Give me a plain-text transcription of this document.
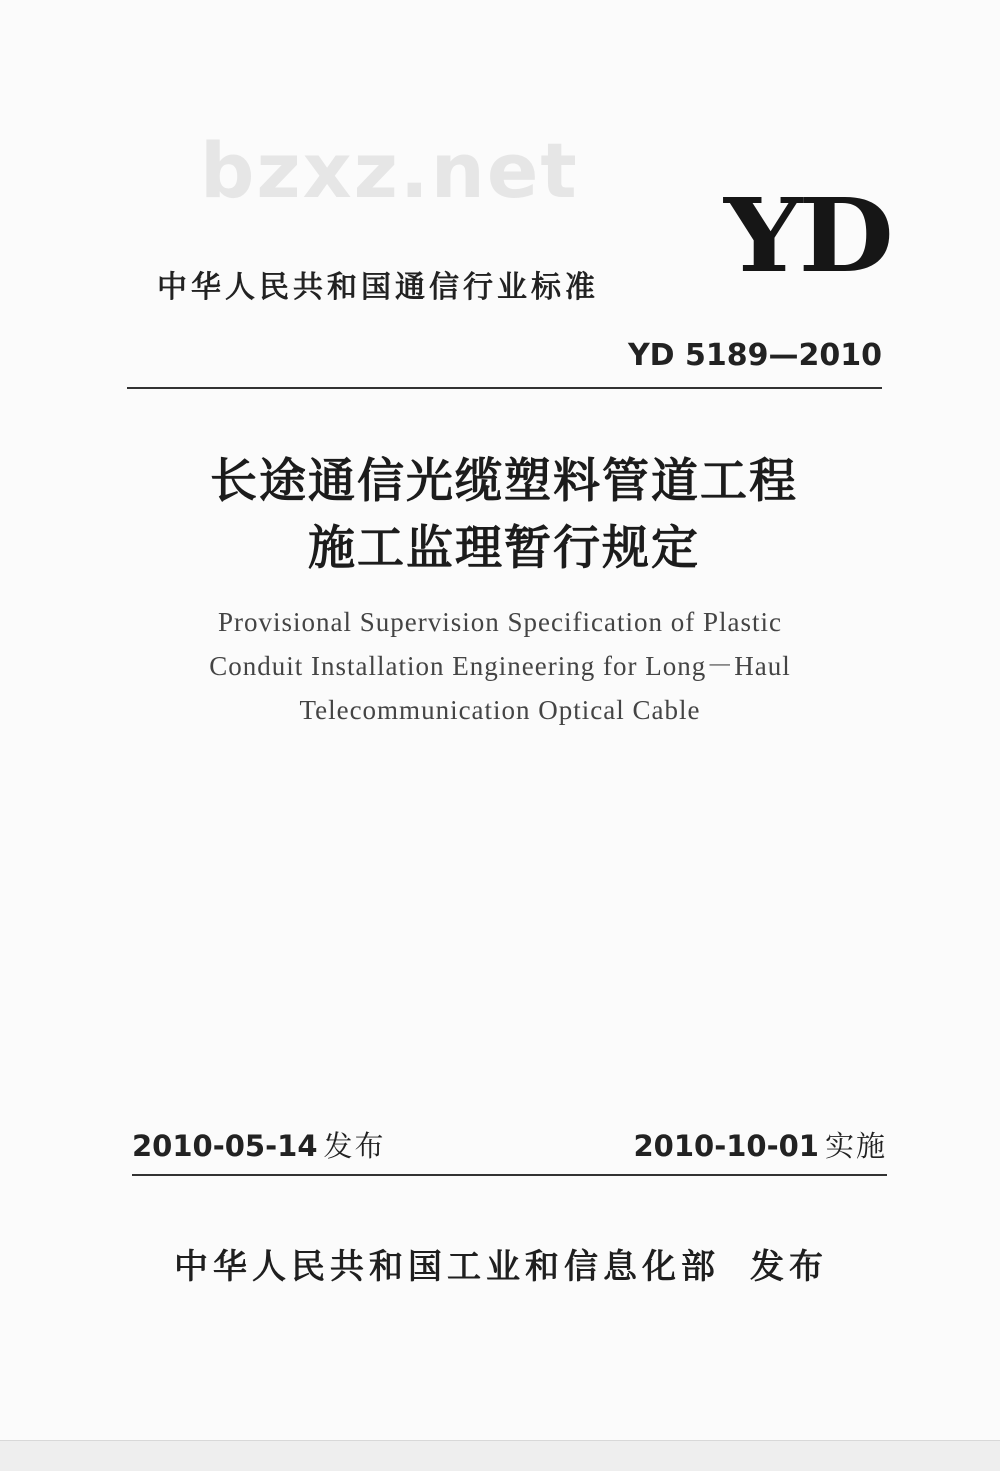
bzxz.net
YD
中华人民共和国通信行业标准
YD 5189—2010
长途通信光缆塑料管道工程
施工监理暂行规定
Provisional Supervision Specification of Plastic
Conduit Installation Engineering for Long－Haul
Telecommunication Optical Cable
2010-05-14 发布	2010-10-01 实施
中华人民共和国工业和信息化部 发布
